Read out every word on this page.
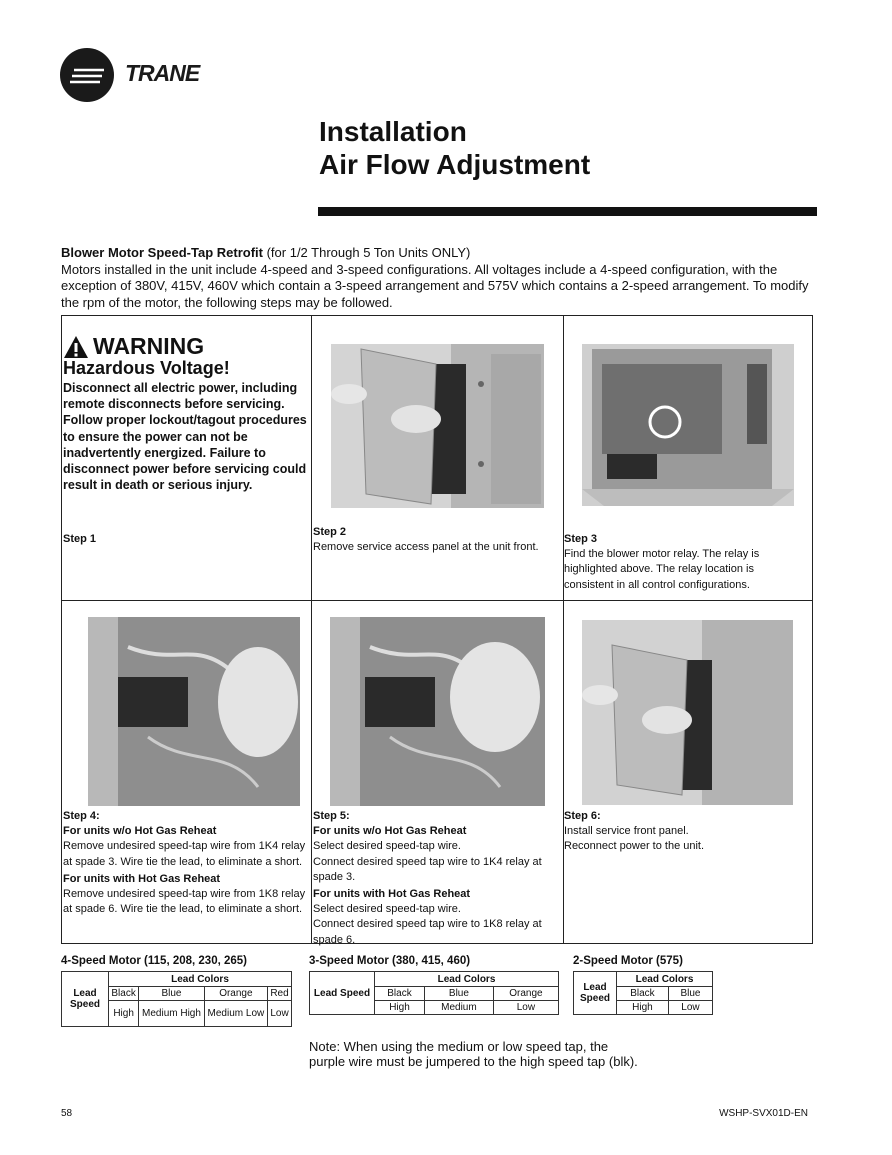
TRANE
Installation
Air Flow Adjustment
Blower Motor Speed-Tap Retrofit (for 1/2 Through 5 Ton Units ONLY)
Motors installed in the unit include 4-speed and 3-speed configurations. All voltages include a 4-speed configuration, with the exception of 380V, 415V, 460V which contain a 3-speed arrangement and 575V which contains a 2-speed arrangement. To modify the rpm of the motor, the following steps may be followed.
WARNING
Hazardous Voltage!
Disconnect all electric power, including remote disconnects before servicing. Follow proper lockout/tagout procedures to ensure the power can not be inadvertently energized. Failure to disconnect power before servicing could result in death or serious injury.
Step 1
Step 2
Remove service access panel at the unit front.
Step 3
Find the blower motor relay. The relay is highlighted above. The relay location is consistent in all control configurations.
Step 4:
For units w/o Hot Gas Reheat
Remove undesired speed-tap wire from 1K4 relay at spade 3. Wire tie the lead, to eliminate a short.
For units with Hot Gas Reheat
Remove undesired speed-tap wire from 1K8 relay at spade 6. Wire tie the lead, to eliminate a short.
Step 5:
For units w/o Hot Gas Reheat
Select desired speed-tap wire.
Connect desired speed tap wire to 1K4 relay at spade 3.
For units with Hot Gas Reheat
Select desired speed-tap wire.
Connect desired speed tap wire to 1K8 relay at spade 6.
Step 6:
Install service front panel.
Reconnect power to the unit.
4-Speed Motor (115, 208, 230, 265)
Lead Speed	Lead Colors			
	Black	Blue	Orange	Red
	High	Medium High	Medium Low	Low
3-Speed Motor (380, 415, 460)
Lead Speed	Lead Colors		
	Black	Blue	Orange
	High	Medium	Low
2-Speed Motor (575)
Lead Speed	Lead Colors	
	Black	Blue
	High	Low
Note: When using the medium or low speed tap, the
purple wire must be jumpered to the high speed tap (blk).
58	WSHP-SVX01D-EN
